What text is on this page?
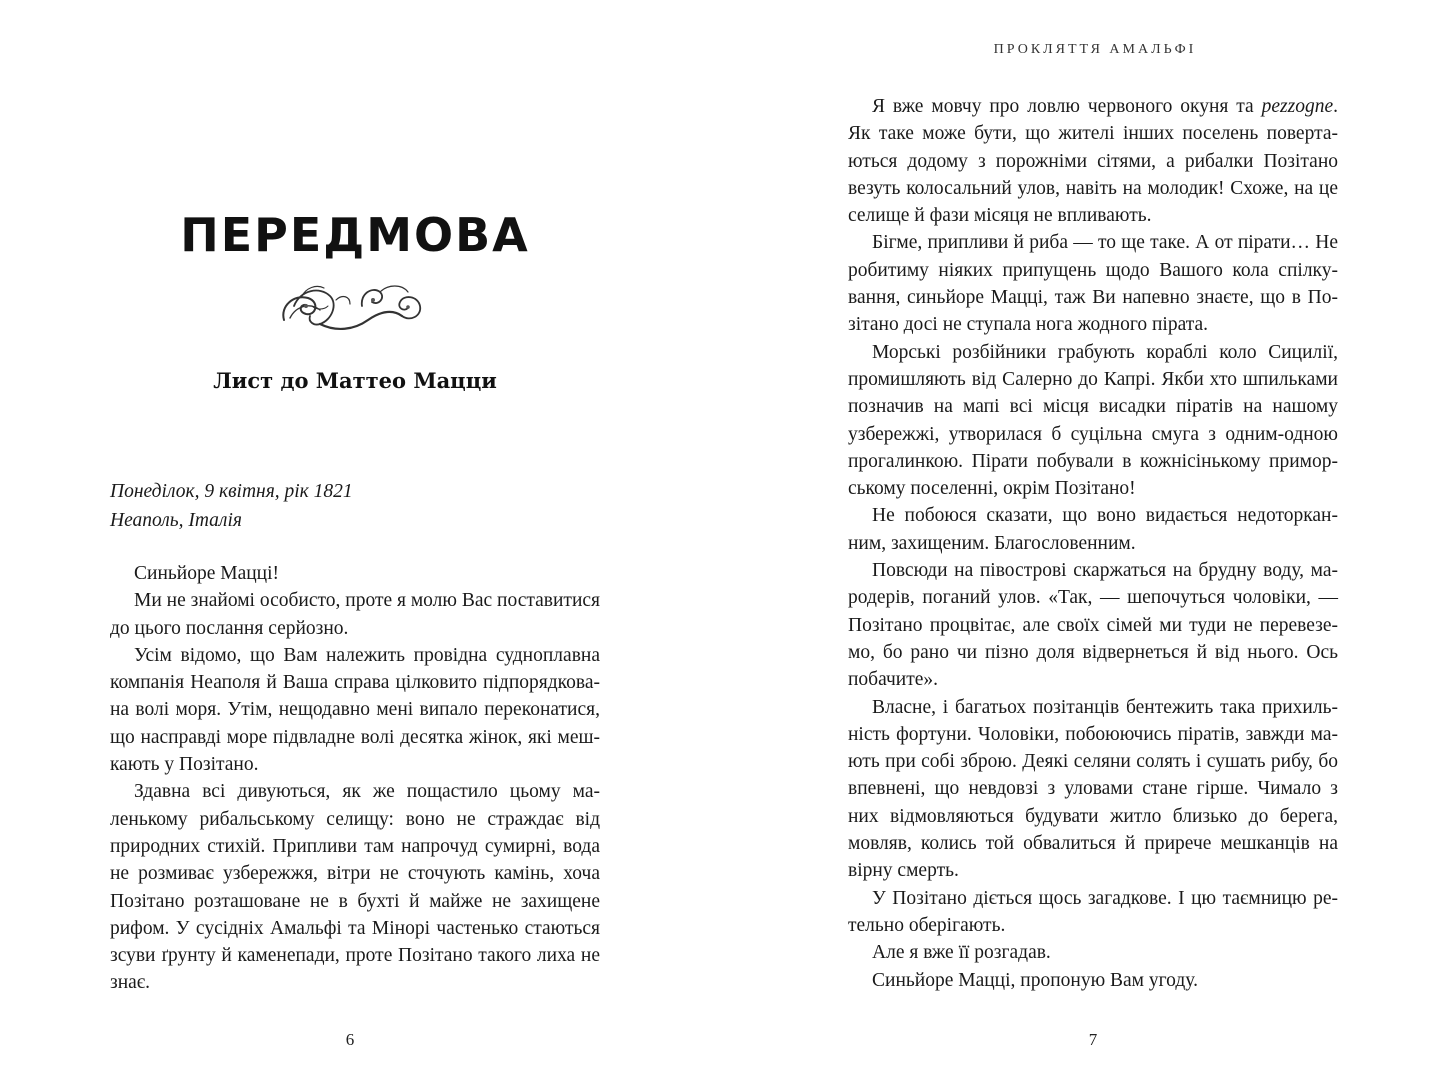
ПЕРЕДМОВА
Лист до Маттео Мацци
Понеділок, 9 квітня, рік 1821
Неаполь, Італія

Синьйоре Мацці!

Ми не знайомі особисто, проте я молю Вас поставитися до цього послання серйозно.

Усім відомо, що Вам належить провідна судноплавна компанія Неаполя й Ваша справа цілковито підпорядкована волі моря. Утім, нещодавно мені випало переконатися, що насправді море підвладне волі десятка жінок, які мешкають у Позітано.

Здавна всі дивуються, як же пощастило цьому маленькому рибальському селищу: воно не страждає від природних стихій. Припливи там напрочуд сумирні, вода не розмиває узбережжя, вітри не сточують камінь, хоча Позітано розташоване не в бухті й майже не захищене рифом. У сусідніх Амальфі та Мінорі частенько стаються зсуви ґрунту й каменепади, проте Позітано такого лиха не знає.

6
ПРОКЛЯТТЯ АМАЛЬФІ

Я вже мовчу про ловлю червоного окуня та pezzogne. Як таке може бути, що жителі інших поселень повертаються додому з порожніми сітями, а рибалки Позітано везуть колосальний улов, навіть на молодик! Схоже, на це селище й фази місяця не впливають.

Бігме, припливи й риба — то ще таке. А от пірати… Не робитиму ніяких припущень щодо Вашого кола спілкування, синьйоре Мацці, таж Ви напевно знаєте, що в Позітано досі не ступала нога жодного пірата.

Морські розбійники грабують кораблі коло Сицилії, промишляють від Салерно до Капрі. Якби хто шпильками позначив на мапі всі місця висадки піратів на нашому узбережжі, утворилася б суцільна смуга з одним-одною прогалинкою. Пірати побували в кожнісінькому приморському поселенні, окрім Позітано!

Не побоюся сказати, що воно видається недоторканним, захищеним. Благословенним.

Повсюди на півострові скаржаться на брудну воду, мародерів, поганий улов. «Так, — шепочуться чоловіки, — Позітано процвітає, але своїх сімей ми туди не перевеземо, бо рано чи пізно доля відвернеться й від нього. Ось побачите».

Власне, і багатьох позітанців бентежить така прихильність фортуни. Чоловіки, побоюючись піратів, завжди мають при собі зброю. Деякі селяни солять і сушать рибу, бо впевнені, що невдовзі з уловами стане гірше. Чимало з них відмовляються будувати житло близько до берега, мовляв, колись той обвалиться й приречe мешканців на вірну смерть.

У Позітано діється щось загадкове. І цю таємницю ретельно оберігають.

Але я вже її розгадав.

Синьйоре Мацці, пропоную Вам угоду.

7
